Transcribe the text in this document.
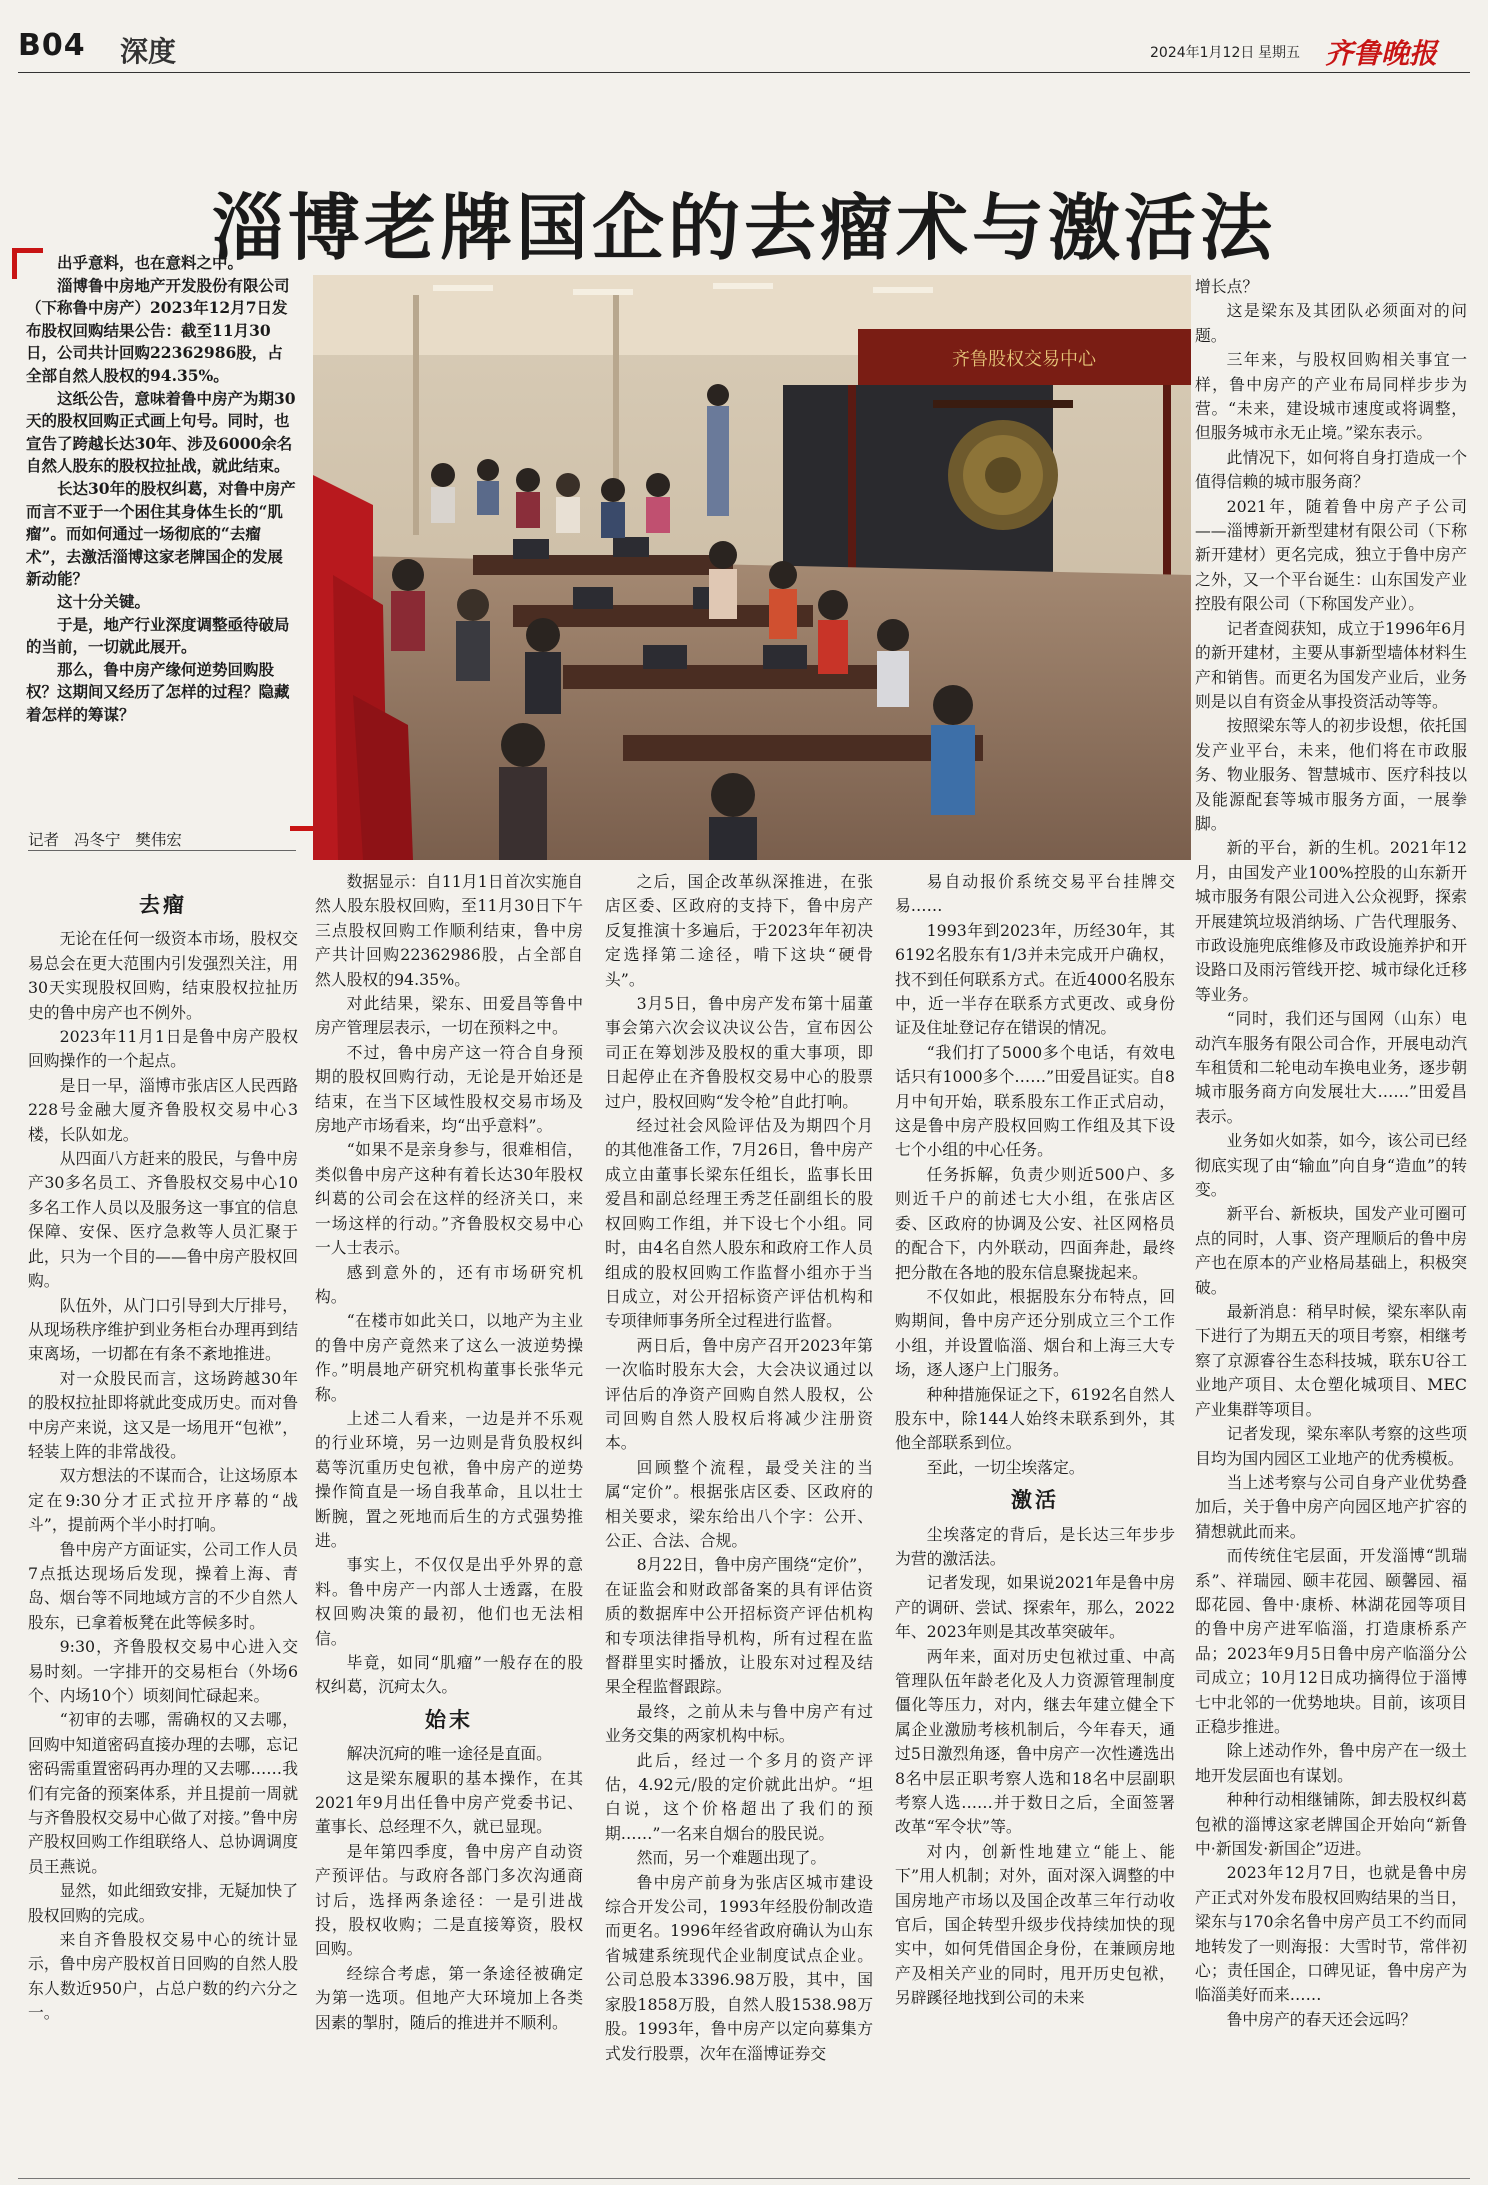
B04 深度	2024年1月12日 星期五 齐鲁晚报
淄博老牌国企的去瘤术与激活法

出乎意料，也在意料之中。

淄博鲁中房地产开发股份有限公司（下称鲁中房产）2023年12月7日发布股权回购结果公告：截至11月30日，公司共计回购22362986股，占全部自然人股权的94.35%。

这纸公告，意味着鲁中房产为期30天的股权回购正式画上句号。同时，也宣告了跨越长达30年、涉及6000余名自然人股东的股权拉扯战，就此结束。

长达30年的股权纠葛，对鲁中房产而言不亚于一个困住其身体生长的“肌瘤”。而如何通过一场彻底的“去瘤术”，去激活淄博这家老牌国企的发展新动能？

这十分关键。

于是，地产行业深度调整亟待破局的当前，一切就此展开。

那么，鲁中房产缘何逆势回购股权？这期间又经历了怎样的过程？隐藏着怎样的筹谋？

记者 冯冬宁 樊伟宏
齐鲁股权交易中心
去瘤

无论在任何一级资本市场，股权交易总会在更大范围内引发强烈关注，用30天实现股权回购，结束股权拉扯历史的鲁中房产也不例外。

2023年11月1日是鲁中房产股权回购操作的一个起点。

是日一早，淄博市张店区人民西路228号金融大厦齐鲁股权交易中心3楼，长队如龙。

从四面八方赶来的股民，与鲁中房产30多名员工、齐鲁股权交易中心10多名工作人员以及服务这一事宜的信息保障、安保、医疗急救等人员汇聚于此，只为一个目的——鲁中房产股权回购。

队伍外，从门口引导到大厅排号，从现场秩序维护到业务柜台办理再到结束离场，一切都在有条不紊地推进。

对一众股民而言，这场跨越30年的股权拉扯即将就此变成历史。而对鲁中房产来说，这又是一场甩开“包袱”，轻装上阵的非常战役。

双方想法的不谋而合，让这场原本定在9:30分才正式拉开序幕的“战斗”，提前两个半小时打响。

鲁中房产方面证实，公司工作人员7点抵达现场后发现，操着上海、青岛、烟台等不同地域方言的不少自然人股东，已拿着板凳在此等候多时。

9:30，齐鲁股权交易中心进入交易时刻。一字排开的交易柜台（外场6个、内场10个）顷刻间忙碌起来。

“初审的去哪，需确权的又去哪，回购中知道密码直接办理的去哪，忘记密码需重置密码再办理的又去哪……我们有完备的预案体系，并且提前一周就与齐鲁股权交易中心做了对接。”鲁中房产股权回购工作组联络人、总协调调度员王燕说。

显然，如此细致安排，无疑加快了股权回购的完成。

来自齐鲁股权交易中心的统计显示，鲁中房产股权首日回购的自然人股东人数近950户，占总户数的约六分之一。

数据显示：自11月1日首次实施自然人股东股权回购，至11月30日下午三点股权回购工作顺利结束，鲁中房产共计回购22362986股，占全部自然人股权的94.35%。

对此结果，梁东、田爱昌等鲁中房产管理层表示，一切在预料之中。

不过，鲁中房产这一符合自身预期的股权回购行动，无论是开始还是结束，在当下区域性股权交易市场及房地产市场看来，均“出乎意料”。

“如果不是亲身参与，很难相信，类似鲁中房产这种有着长达30年股权纠葛的公司会在这样的经济关口，来一场这样的行动。”齐鲁股权交易中心一人士表示。

感到意外的，还有市场研究机构。

“在楼市如此关口，以地产为主业的鲁中房产竟然来了这么一波逆势操作。”明晨地产研究机构董事长张华元称。

上述二人看来，一边是并不乐观的行业环境，另一边则是背负股权纠葛等沉重历史包袱，鲁中房产的逆势操作简直是一场自我革命，且以壮士断腕，置之死地而后生的方式强势推进。

事实上，不仅仅是出乎外界的意料。鲁中房产一内部人士透露，在股权回购决策的最初，他们也无法相信。

毕竟，如同“肌瘤”一般存在的股权纠葛，沉疴太久。

始末

解决沉疴的唯一途径是直面。

这是梁东履职的基本操作，在其2021年9月出任鲁中房产党委书记、董事长、总经理不久，就已显现。

是年第四季度，鲁中房产自动资产预评估。与政府各部门多次沟通商讨后，选择两条途径：一是引进战投，股权收购；二是直接筹资，股权回购。

经综合考虑，第一条途径被确定为第一选项。但地产大环境加上各类因素的掣肘，随后的推进并不顺利。

之后，国企改革纵深推进，在张店区委、区政府的支持下，鲁中房产反复推演十多遍后，于2023年年初决定选择第二途径，啃下这块“硬骨头”。

3月5日，鲁中房产发布第十届董事会第六次会议决议公告，宣布因公司正在筹划涉及股权的重大事项，即日起停止在齐鲁股权交易中心的股票过户，股权回购“发令枪”自此打响。

经过社会风险评估及为期四个月的其他准备工作，7月26日，鲁中房产成立由董事长梁东任组长，监事长田爱昌和副总经理王秀芝任副组长的股权回购工作组，并下设七个小组。同时，由4名自然人股东和政府工作人员组成的股权回购工作监督小组亦于当日成立，对公开招标资产评估机构和专项律师事务所全过程进行监督。

两日后，鲁中房产召开2023年第一次临时股东大会，大会决议通过以评估后的净资产回购自然人股权，公司回购自然人股权后将减少注册资本。

回顾整个流程，最受关注的当属“定价”。根据张店区委、区政府的相关要求，梁东给出八个字：公开、公正、合法、合规。

8月22日，鲁中房产围绕“定价”，在证监会和财政部备案的具有评估资质的数据库中公开招标资产评估机构和专项法律指导机构，所有过程在监督群里实时播放，让股东对过程及结果全程监督跟踪。

最终，之前从未与鲁中房产有过业务交集的两家机构中标。

此后，经过一个多月的资产评估，4.92元/股的定价就此出炉。“坦白说，这个价格超出了我们的预期……”一名来自烟台的股民说。

然而，另一个难题出现了。

鲁中房产前身为张店区城市建设综合开发公司，1993年经股份制改造而更名。1996年经省政府确认为山东省城建系统现代企业制度试点企业。公司总股本3396.98万股，其中，国家股1858万股，自然人股1538.98万股。1993年，鲁中房产以定向募集方式发行股票，次年在淄博证券交

易自动报价系统交易平台挂牌交易……

1993年到2023年，历经30年，其6192名股东有1/3并未完成开户确权，找不到任何联系方式。在近4000名股东中，近一半存在联系方式更改、或身份证及住址登记存在错误的情况。

“我们打了5000多个电话，有效电话只有1000多个……”田爱昌证实。自8月中旬开始，联系股东工作正式启动，这是鲁中房产股权回购工作组及其下设七个小组的中心任务。

任务拆解，负责少则近500户、多则近千户的前述七大小组，在张店区委、区政府的协调及公安、社区网格员的配合下，内外联动，四面奔赴，最终把分散在各地的股东信息聚拢起来。

不仅如此，根据股东分布特点，回购期间，鲁中房产还分别成立三个工作小组，并设置临淄、烟台和上海三大专场，逐人逐户上门服务。

种种措施保证之下，6192名自然人股东中，除144人始终未联系到外，其他全部联系到位。

至此，一切尘埃落定。

激活

尘埃落定的背后，是长达三年步步为营的激活法。

记者发现，如果说2021年是鲁中房产的调研、尝试、探索年，那么，2022年、2023年则是其改革突破年。

两年来，面对历史包袱过重、中高管理队伍年龄老化及人力资源管理制度僵化等压力，对内，继去年建立健全下属企业激励考核机制后，今年春天，通过5日激烈角逐，鲁中房产一次性遴选出8名中层正职考察人选和18名中层副职考察人选……并于数日之后，全面签署改革“军令状”等。

对内，创新性地建立“能上、能下”用人机制；对外，面对深入调整的中国房地产市场以及国企改革三年行动收官后，国企转型升级步伐持续加快的现实中，如何凭借国企身份，在兼顾房地产及相关产业的同时，甩开历史包袱，另辟蹊径地找到公司的未来

增长点？

这是梁东及其团队必须面对的问题。

三年来，与股权回购相关事宜一样，鲁中房产的产业布局同样步步为营。“未来，建设城市速度或将调整，但服务城市永无止境。”梁东表示。

此情况下，如何将自身打造成一个值得信赖的城市服务商？

2021年，随着鲁中房产子公司——淄博新开新型建材有限公司（下称新开建材）更名完成，独立于鲁中房产之外，又一个平台诞生：山东国发产业控股有限公司（下称国发产业）。

记者查阅获知，成立于1996年6月的新开建材，主要从事新型墙体材料生产和销售。而更名为国发产业后，业务则是以自有资金从事投资活动等等。

按照梁东等人的初步设想，依托国发产业平台，未来，他们将在市政服务、物业服务、智慧城市、医疗科技以及能源配套等城市服务方面，一展拳脚。

新的平台，新的生机。2021年12月，由国发产业100%控股的山东新开城市服务有限公司进入公众视野，探索开展建筑垃圾消纳场、广告代理服务、市政设施兜底维修及市政设施养护和开设路口及雨污管线开挖、城市绿化迁移等业务。

“同时，我们还与国网（山东）电动汽车服务有限公司合作，开展电动汽车租赁和二轮电动车换电业务，逐步朝城市服务商方向发展壮大……”田爱昌表示。

业务如火如荼，如今，该公司已经彻底实现了由“输血”向自身“造血”的转变。

新平台、新板块，国发产业可圈可点的同时，人事、资产理顺后的鲁中房产也在原本的产业格局基础上，积极突破。

最新消息：稍早时候，梁东率队南下进行了为期五天的项目考察，相继考察了京源睿谷生态科技城，联东U谷工业地产项目、太仓塑化城项目、MEC产业集群等项目。

记者发现，梁东率队考察的这些项目均为国内园区工业地产的优秀模板。

当上述考察与公司自身产业优势叠加后，关于鲁中房产向园区地产扩容的猜想就此而来。

而传统住宅层面，开发淄博“凯瑞系”、祥瑞园、颐丰花园、颐馨园、福邸花园、鲁中·康桥、林湖花园等项目的鲁中房产进军临淄，打造康桥系产品；2023年9月5日鲁中房产临淄分公司成立；10月12日成功摘得位于淄博七中北邻的一优势地块。目前，该项目正稳步推进。

除上述动作外，鲁中房产在一级土地开发层面也有谋划。

种种行动相继铺陈，卸去股权纠葛包袱的淄博这家老牌国企开始向“新鲁中·新国发·新国企”迈进。

2023年12月7日，也就是鲁中房产正式对外发布股权回购结果的当日，梁东与170余名鲁中房产员工不约而同地转发了一则海报：大雪时节，常伴初心；责任国企，口碑见证，鲁中房产为临淄美好而来……

鲁中房产的春天还会远吗？
